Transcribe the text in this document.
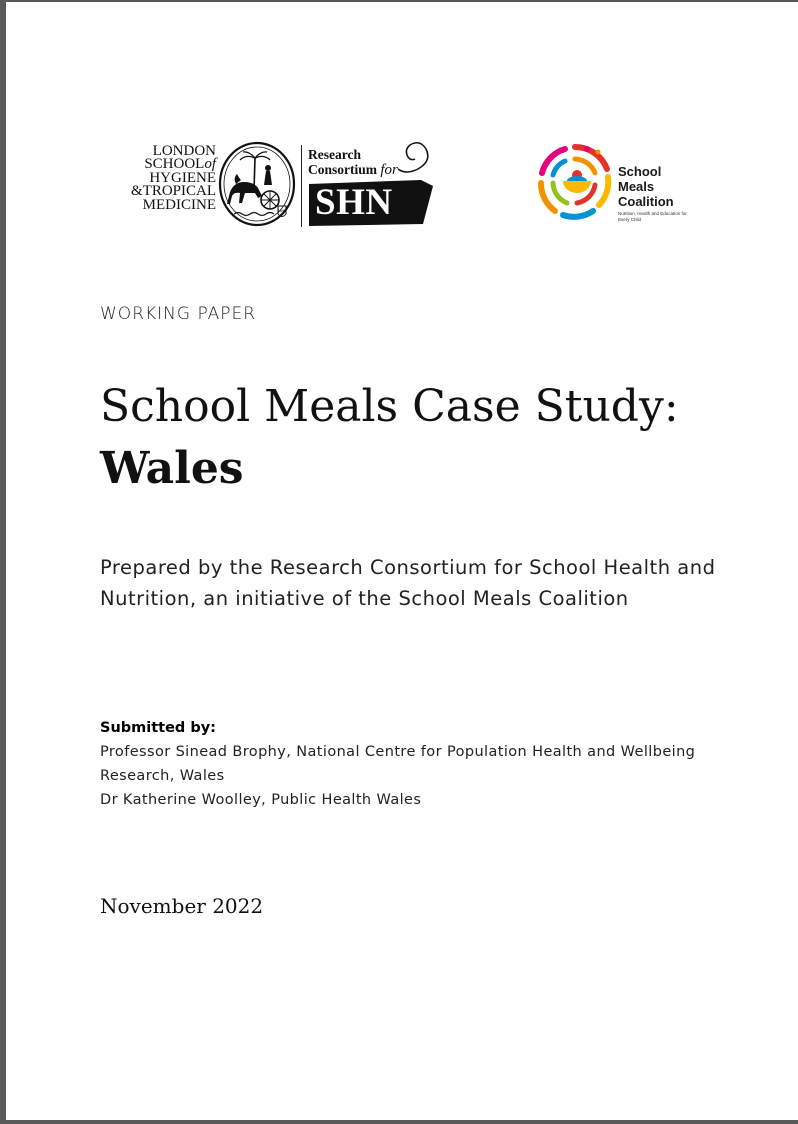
LONDON
SCHOOLof
HYGIENE
&TROPICAL
MEDICINE	1899
Research
Consortium for
SHN
School
Meals
Coalition
Nutrition, Health and Education for Every Child
WORKING PAPER
School Meals Case Study:
Wales
Prepared by the Research Consortium for School Health and Nutrition, an initiative of the School Meals Coalition
Submitted by:
Professor Sinead Brophy, National Centre for Population Health and Wellbeing Research, Wales
Dr Katherine Woolley, Public Health Wales
November 2022
